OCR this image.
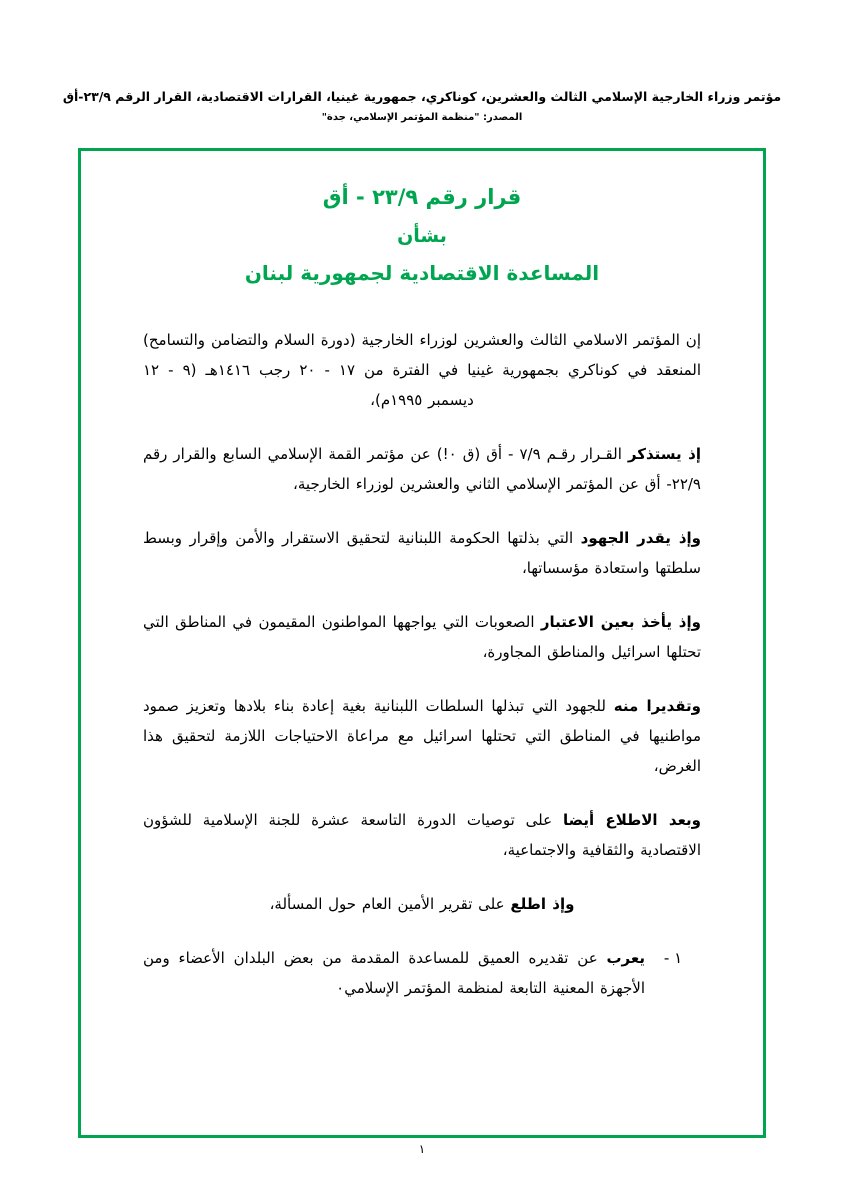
مؤتمر وزراء الخارجية الإسلامي الثالث والعشرين، كوناكري، جمهورية غينيا، القرارات الاقتصادية، القرار الرقم ٢٣/٩-أق
المصدر: "منظمة المؤتمر الإسلامي، جدة"
قرار رقم ٢٣/٩ - أق
بشأن
المساعدة الاقتصادية لجمهورية لبنان

إن المؤتمر الاسلامي الثالث والعشرين لوزراء الخارجية (دورة السلام والتضامن والتسامح) المنعقد في كوناكري بجمهورية غينيا في الفترة من ١٧ - ٢٠ رجب ١٤١٦هـ (٩ - ١٢ ديسمبر ١٩٩٥م)،

إذ يستذكر القـرار رقـم ٧/٩ - أق (ق ٠!) عن مؤتمر القمة الإسلامي السابع والقرار رقم ٢٢/٩- أق عن المؤتمر الإسلامي الثاني والعشرين لوزراء الخارجية،

وإذ يقدر الجهود التي بذلتها الحكومة اللبنانية لتحقيق الاستقرار والأمن وإقرار وبسط سلطتها واستعادة مؤسساتها،

وإذ يأخذ بعين الاعتبار الصعوبات التي يواجهها المواطنون المقيمون في المناطق التي تحتلها اسرائيل والمناطق المجاورة،

وتقديرا منه للجهود التي تبذلها السلطات اللبنانية بغية إعادة بناء بلادها وتعزيز صمود مواطنيها في المناطق التي تحتلها اسرائيل مع مراعاة الاحتياجات اللازمة لتحقيق هذا الغرض،

وبعد الاطلاع أيضا على توصيات الدورة التاسعة عشرة للجنة الإسلامية للشؤون الاقتصادية والثقافية والاجتماعية،

وإذ اطلع على تقرير الأمين العام حول المسألة،

١ -
يعرب عن تقديره العميق للمساعدة المقدمة من بعض البلدان الأعضاء ومن الأجهزة المعنية التابعة لمنظمة المؤتمر الإسلامي٠
١
